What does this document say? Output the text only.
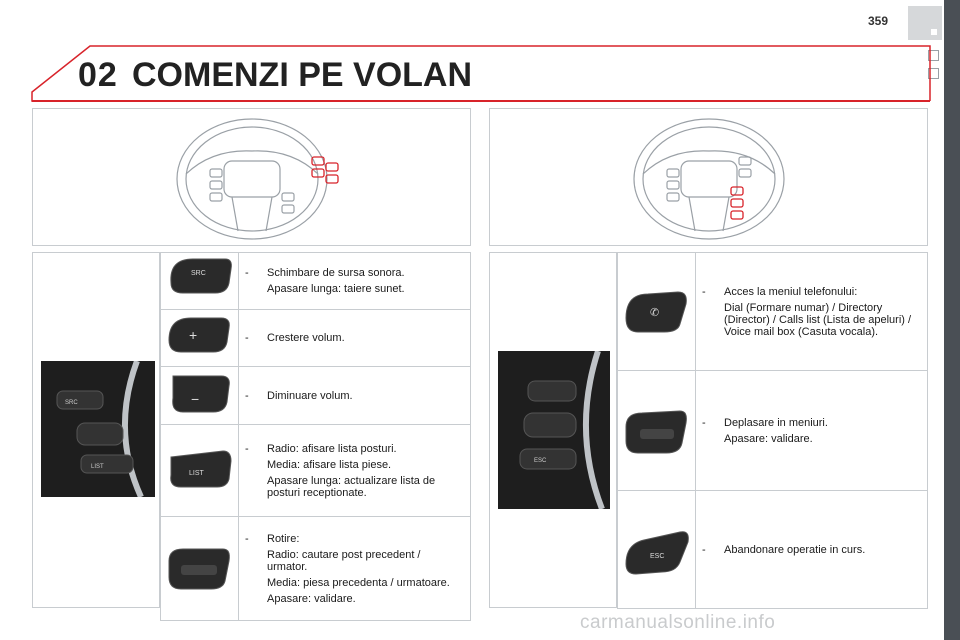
359
02 COMENZI PE VOLAN
SRC
LIST
SRC	- Schimbare de sursa sonora.
Apasare lunga: taiere sunet.

+	- Crestere volum.

−	- Diminuare volum.

LIST	- Radio: afisare lista posturi.
Media: afisare lista piese.
Apasare lunga: actualizare lista de posturi receptionate.

- Rotire:
Radio: cautare post precedent / urmator.
Media: piesa precedenta / urmatoare.
Apasare: validare.
ESC
✆	- Acces la meniul telefonului:
Dial (Formare numar) / Directory (Director) / Calls list (Lista de apeluri) / Voice mail box (Casuta vocala).

- Deplasare in meniuri.
Apasare: validare.

ESC	- Abandonare operatie in curs.
carmanualsonline.info
